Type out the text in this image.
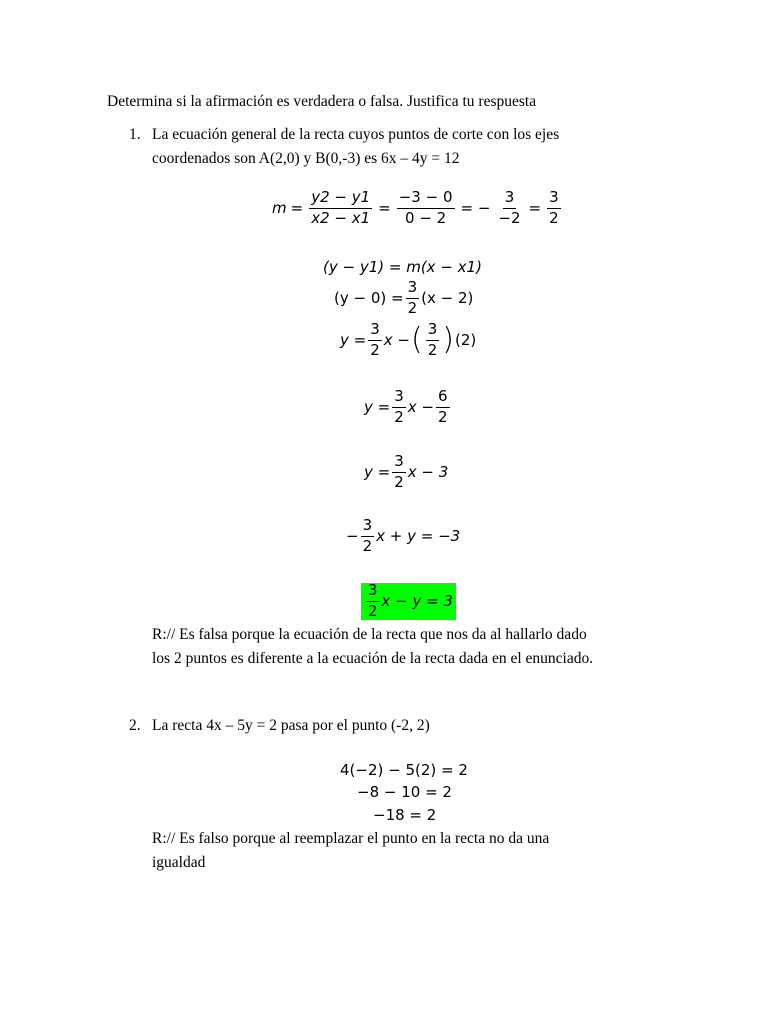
Determina si la afirmación es verdadera o falsa. Justifica tu respuesta
1. La ecuación general de la recta cuyos puntos de corte con los ejes
coordenados son A(2,0) y B(0,-3) es 6x – 4y = 12
$m = \frac{y2 - y1}{x2 - x1} = \frac{-3 - 0}{0 - 2}$ = − $\frac{3}{-2} = \frac{3}{2}$
(y − y1) = m(x − x1)
$(y - 0) = \frac{3}{2} (x - 2)$
$y = \frac{3}{2}$ x − ( $\frac{3}{2}$ ) (2)
$y = \frac{3}{2}$ $x - \frac{6}{2}$
$y = \frac{3}{2}$ x − 3
− $\frac{3}{2}$ x + y = −3
$\frac{3}{2}$ x − y = 3
R:// Es falsa porque la ecuación de la recta que nos da al hallarlo dado
los 2 puntos es diferente a la ecuación de la recta dada en el enunciado.
2. La recta 4x – 5y = 2 pasa por el punto (-2, 2)
4(−2) − 5(2) = 2
−8 − 10 = 2
−18 = 2
R:// Es falso porque al reemplazar el punto en la recta no da una
igualdad
